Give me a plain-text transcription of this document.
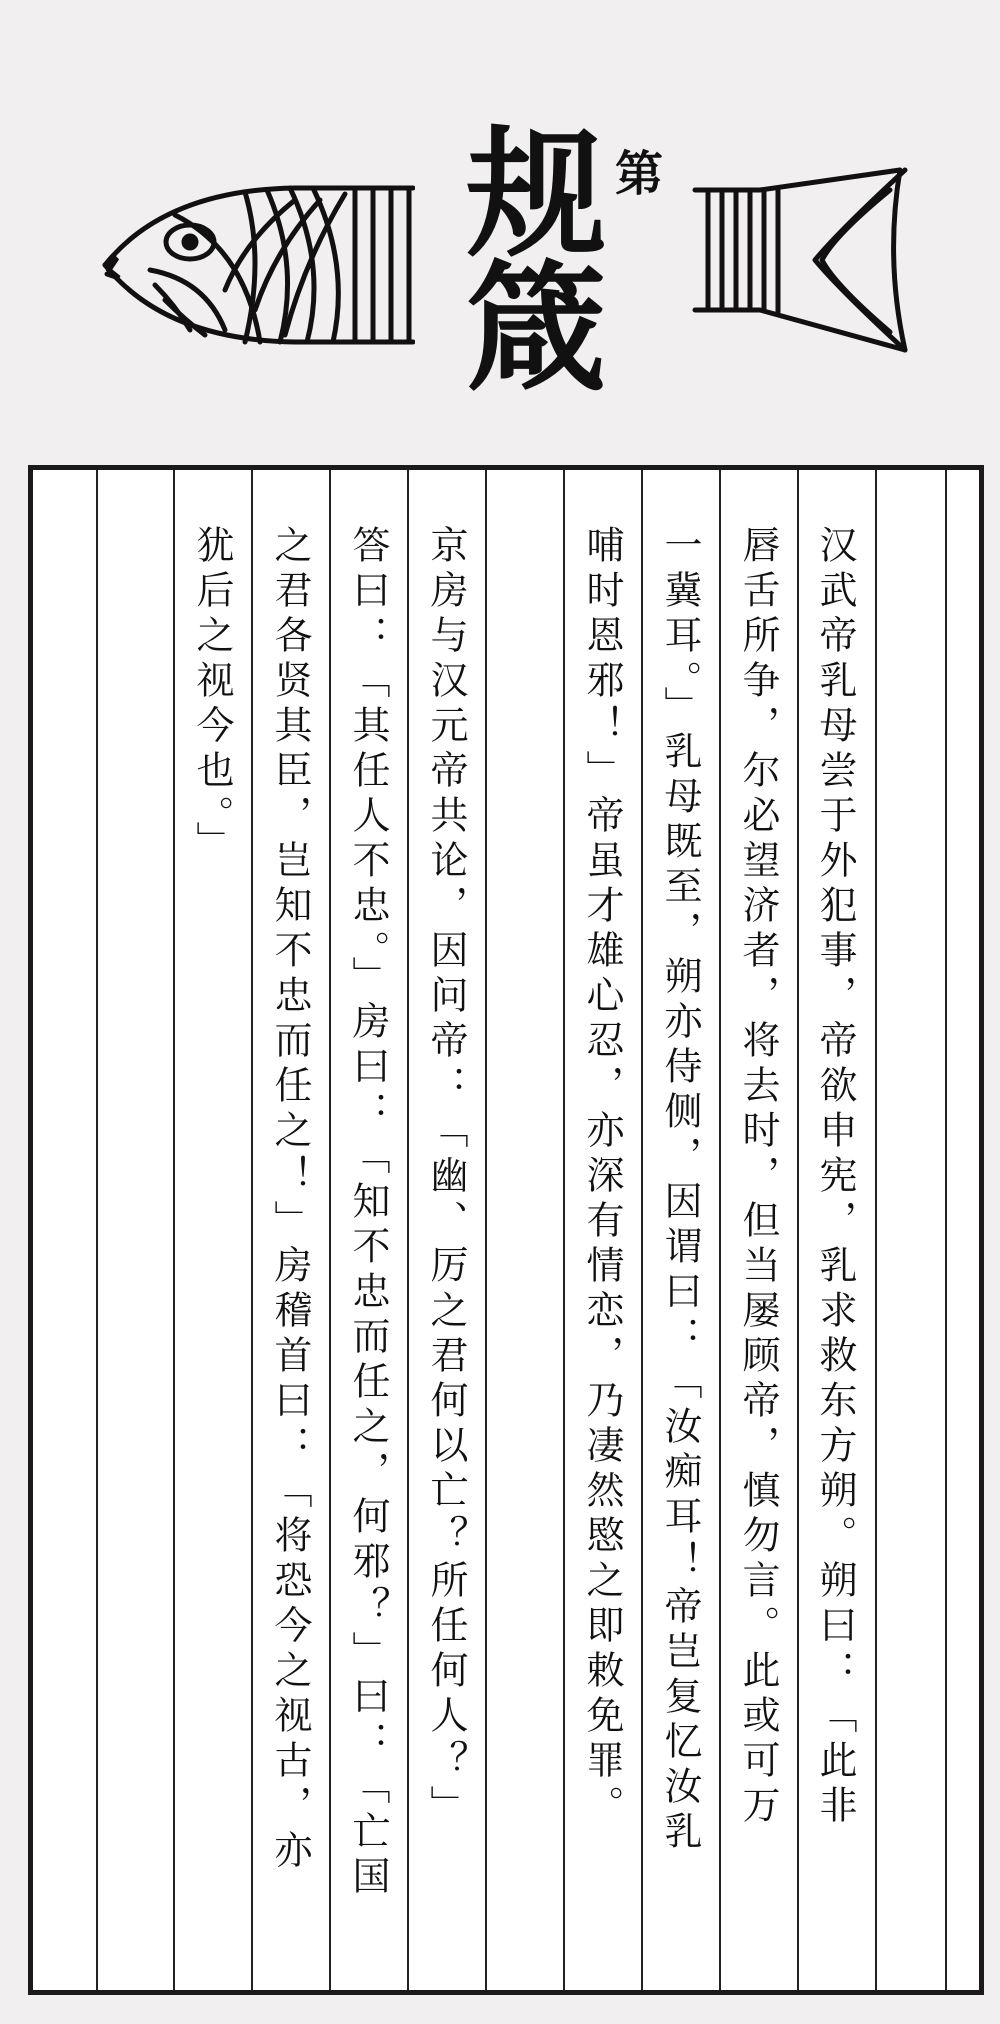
规箴 第
汉武帝乳母尝于外犯事，帝欲申宪，乳求救东方朔。朔曰：「此非
唇舌所争，尔必望济者，将去时，但当屡顾帝，慎勿言。此或可万
一冀耳。」乳母既至，朔亦侍侧，因谓曰：「汝痴耳！帝岂复忆汝乳
哺时恩邪！」帝虽才雄心忍，亦深有情恋，乃凄然愍之即敕免罪。
京房与汉元帝共论，因问帝：「幽、厉之君何以亡？所任何人？」
答曰：「其任人不忠。」房曰：「知不忠而任之，何邪？」曰：「亡国
之君各贤其臣，岂知不忠而任之！」房稽首曰：「将恐今之视古，亦
犹后之视今也。」
